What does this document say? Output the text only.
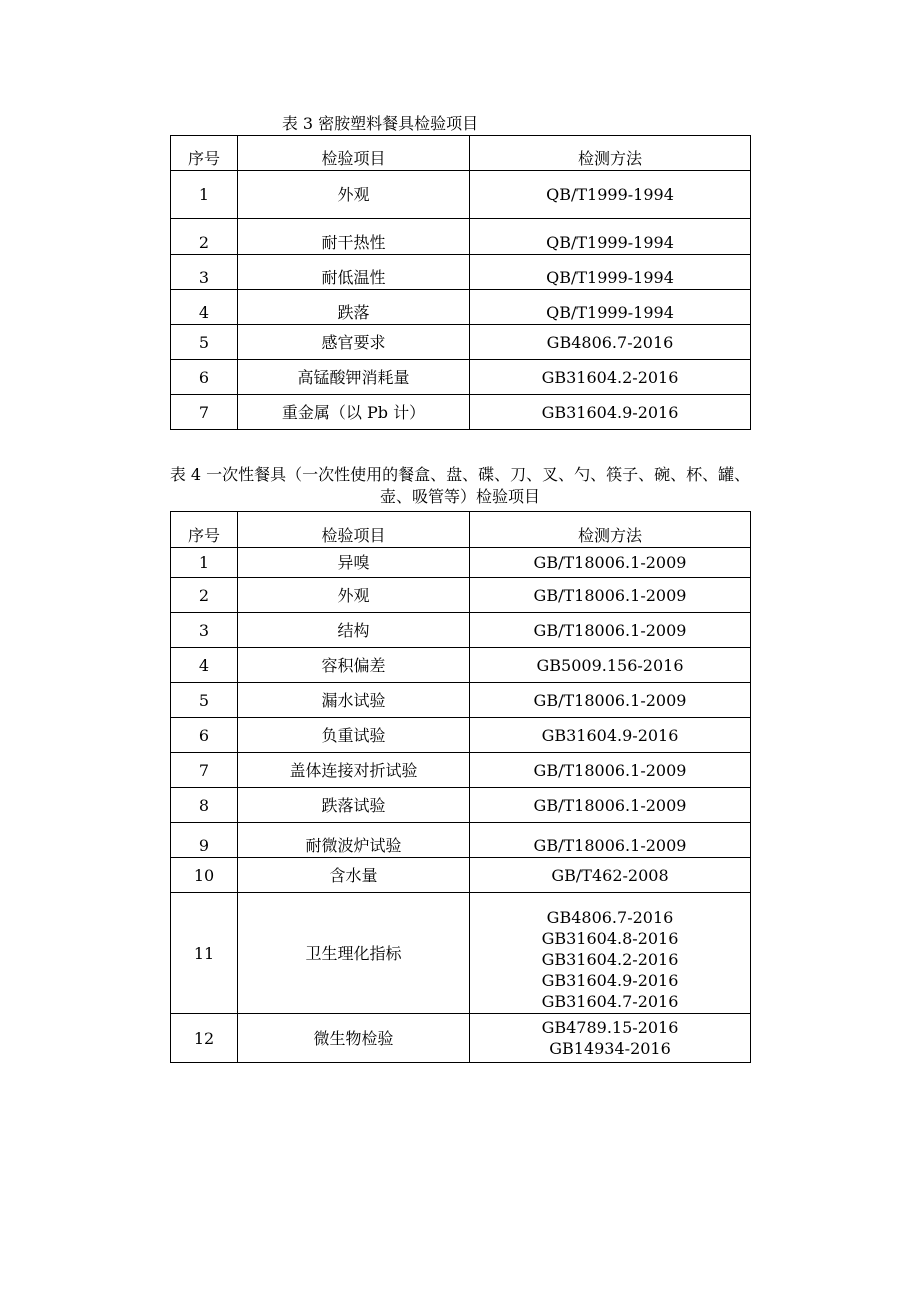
表 3 密胺塑料餐具检验项目
序号	检验项目	检测方法
1	外观	QB/T1999-1994
2	耐干热性	QB/T1999-1994
3	耐低温性	QB/T1999-1994
4	跌落	QB/T1999-1994
5	感官要求	GB4806.7-2016
6	高锰酸钾消耗量	GB31604.2-2016
7	重金属（以 Pb 计）	GB31604.9-2016
表 4 一次性餐具（一次性使用的餐盒、盘、碟、刀、叉、勺、筷子、碗、杯、罐、
壶、吸管等）检验项目
序号	检验项目	检测方法
1	异嗅	GB/T18006.1-2009
2	外观	GB/T18006.1-2009
3	结构	GB/T18006.1-2009
4	容积偏差	GB5009.156-2016
5	漏水试验	GB/T18006.1-2009
6	负重试验	GB31604.9-2016
7	盖体连接对折试验	GB/T18006.1-2009
8	跌落试验	GB/T18006.1-2009
9	耐微波炉试验	GB/T18006.1-2009
10	含水量	GB/T462-2008
11	卫生理化指标	GB4806.7-2016
GB31604.8-2016
GB31604.2-2016
GB31604.9-2016
GB31604.7-2016

12	微生物检验	GB4789.15-2016
GB14934-2016
